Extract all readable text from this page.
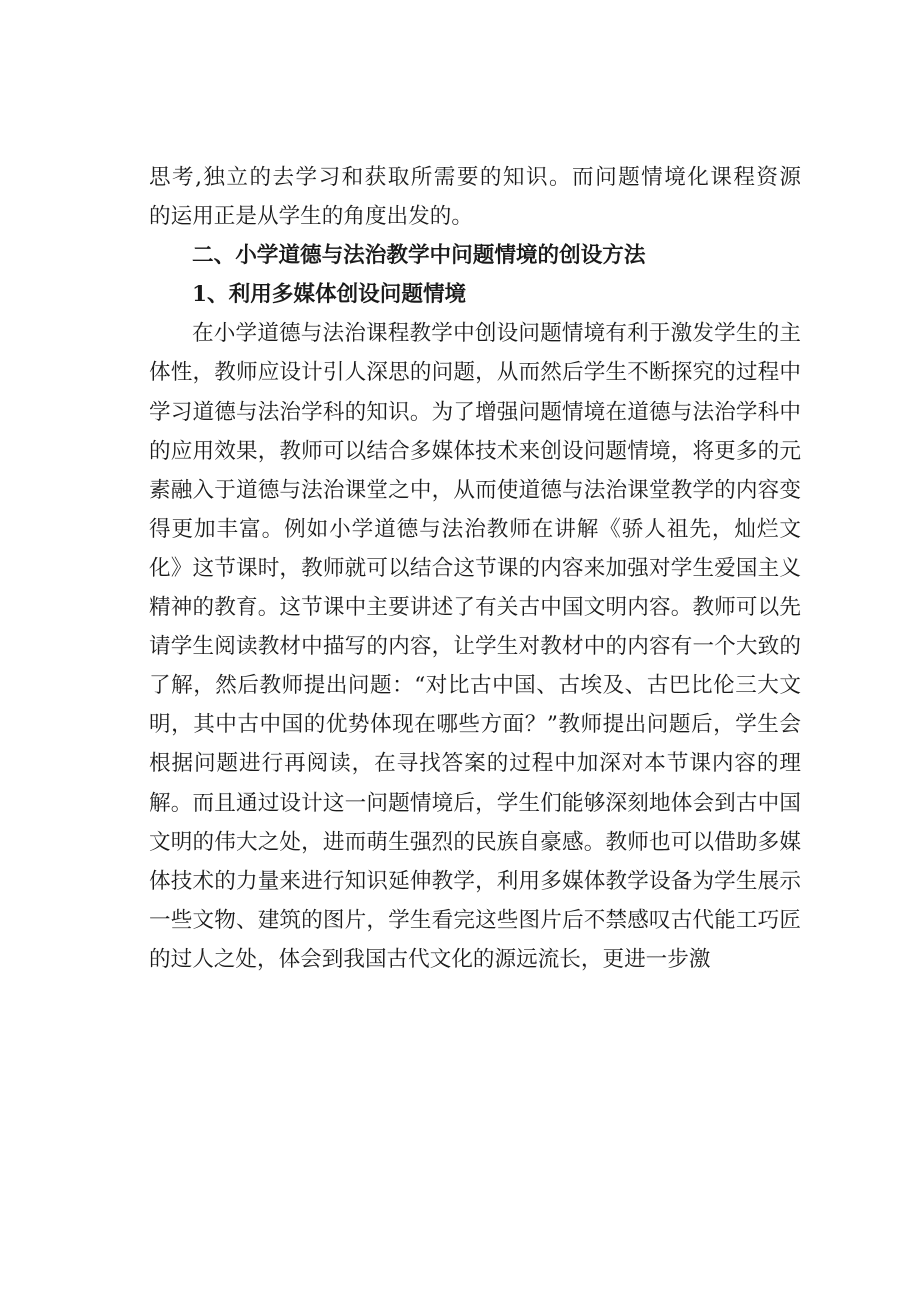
思考,独立的去学习和获取所需要的知识。而问题情境化课程资源
的运用正是从学生的角度出发的。

二、小学道德与法治教学中问题情境的创设方法
1、利用多媒体创设问题情境

在小学道德与法治课程教学中创设问题情境有利于激发学生的主体性，教师应设计引人深思的问题，从而然后学生不断探究的过程中学习道德与法治学科的知识。为了增强问题情境在道德与法治学科中的应用效果，教师可以结合多媒体技术来创设问题情境，将更多的元素融入于道德与法治课堂之中，从而使道德与法治课堂教学的内容变得更加丰富。例如小学道德与法治教师在讲解《骄人祖先，灿烂文化》这节课时，教师就可以结合这节课的内容来加强对学生爱国主义精神的教育。这节课中主要讲述了有关古中国文明内容。教师可以先请学生阅读教材中描写的内容，让学生对教材中的内容有一个大致的了解，然后教师提出问题：“对比古中国、古埃及、古巴比伦三大文明，其中古中国的优势体现在哪些方面？”教师提出问题后，学生会根据问题进行再阅读，在寻找答案的过程中加深对本节课内容的理解。而且通过设计这一问题情境后，学生们能够深刻地体会到古中国文明的伟大之处，进而萌生强烈的民族自豪感。教师也可以借助多媒体技术的力量来进行知识延伸教学，利用多媒体教学设备为学生展示一些文物、建筑的图片，学生看完这些图片后不禁感叹古代能工巧匠的过人之处，体会到我国古代文化的源远流长，更进一步激
